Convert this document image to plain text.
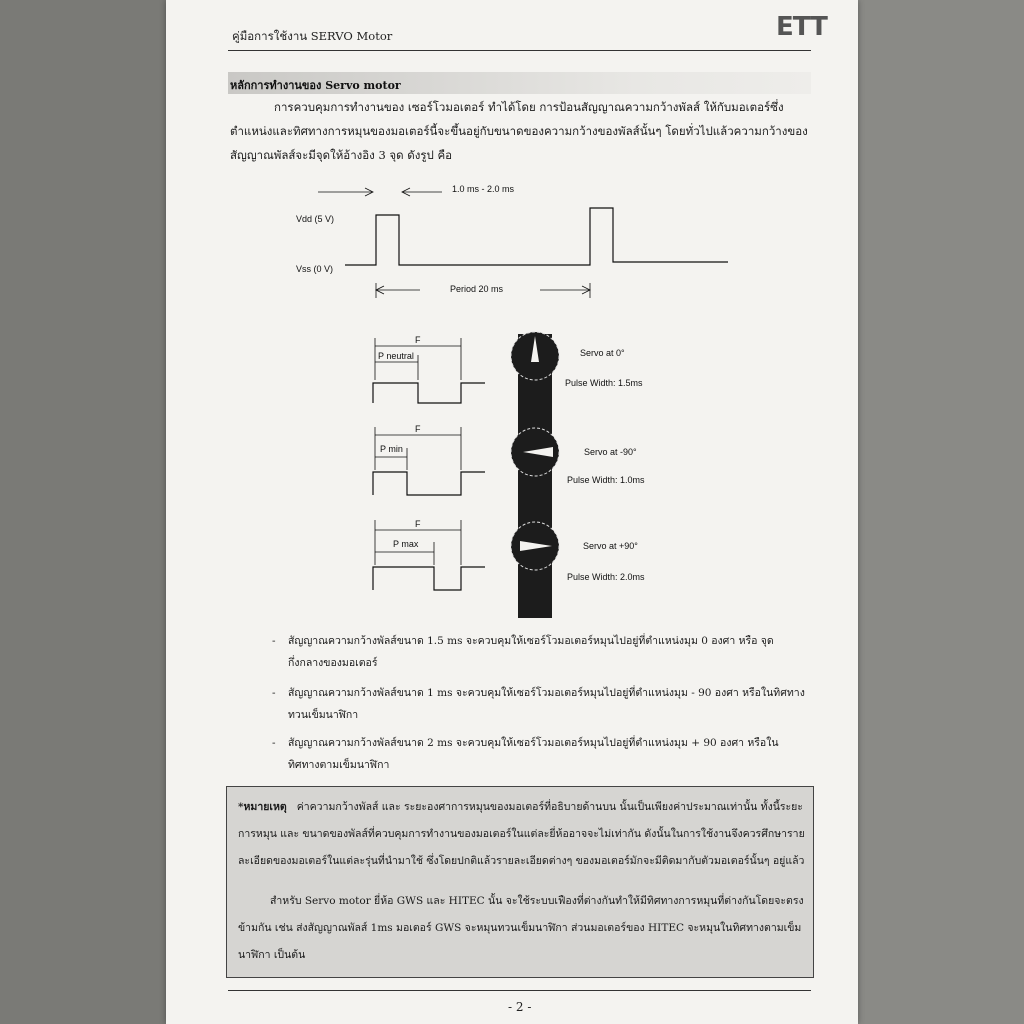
คู่มือการใช้งาน SERVO Motor	ETT
หลักการทำงานของ Servo motor
การควบคุมการทำงานของ เซอร์โวมอเตอร์ ทำได้โดย การป้อนสัญญาณความกว้างพัลส์ ให้กับมอเตอร์ซึ่งตำแหน่งและทิศทางการหมุนของมอเตอร์นี้จะขึ้นอยู่กับขนาดของความกว้างของพัลส์นั้นๆ โดยทั่วไปแล้วความกว้างของสัญญาณพัลส์จะมีจุดให้อ้างอิง 3 จุด ดังรูป คือ
1.0 ms - 2.0 ms
Vdd (5 V)
Vss (0 V)
Period 20 ms
F
P neutral
F
P min
F
P max
Servo at 0°
Pulse Width: 1.5ms
Servo at -90°
Pulse Width: 1.0ms
Servo at +90°
Pulse Width: 2.0ms
- สัญญาณความกว้างพัลส์ขนาด 1.5 ms จะควบคุมให้เซอร์โวมอเตอร์หมุนไปอยู่ที่ตำแหน่งมุม 0 องศา หรือ จุดกึ่งกลางของมอเตอร์
- สัญญาณความกว้างพัลส์ขนาด 1 ms จะควบคุมให้เซอร์โวมอเตอร์หมุนไปอยู่ที่ตำแหน่งมุม - 90 องศา หรือในทิศทางทวนเข็มนาฬิกา
- สัญญาณความกว้างพัลส์ขนาด 2 ms จะควบคุมให้เซอร์โวมอเตอร์หมุนไปอยู่ที่ตำแหน่งมุม + 90 องศา หรือในทิศทางตามเข็มนาฬิกา
*หมายเหตุ ค่าความกว้างพัลส์ และ ระยะองศาการหมุนของมอเตอร์ที่อธิบายด้านบน นั้นเป็นเพียงค่าประมาณเท่านั้น ทั้งนี้ระยะการหมุน และ ขนาดของพัลส์ที่ควบคุมการทำงานของมอเตอร์ในแต่ละยี่ห้ออาจจะไม่เท่ากัน ดังนั้นในการใช้งานจึงควรศึกษารายละเอียดของมอเตอร์ในแต่ละรุ่นที่นำมาใช้ ซึ่งโดยปกติแล้วรายละเอียดต่างๆ ของมอเตอร์มักจะมีติดมากับตัวมอเตอร์นั้นๆ อยู่แล้ว
สำหรับ Servo motor ยี่ห้อ GWS และ HITEC นั้น จะใช้ระบบเฟืองที่ต่างกันทำให้มีทิศทางการหมุนที่ต่างกันโดยจะตรงข้ามกัน เช่น ส่งสัญญาณพัลส์ 1ms มอเตอร์ GWS จะหมุนทวนเข็มนาฬิกา ส่วนมอเตอร์ของ HITEC จะหมุนในทิศทางตามเข็มนาฬิกา เป็นต้น
- 2 -
